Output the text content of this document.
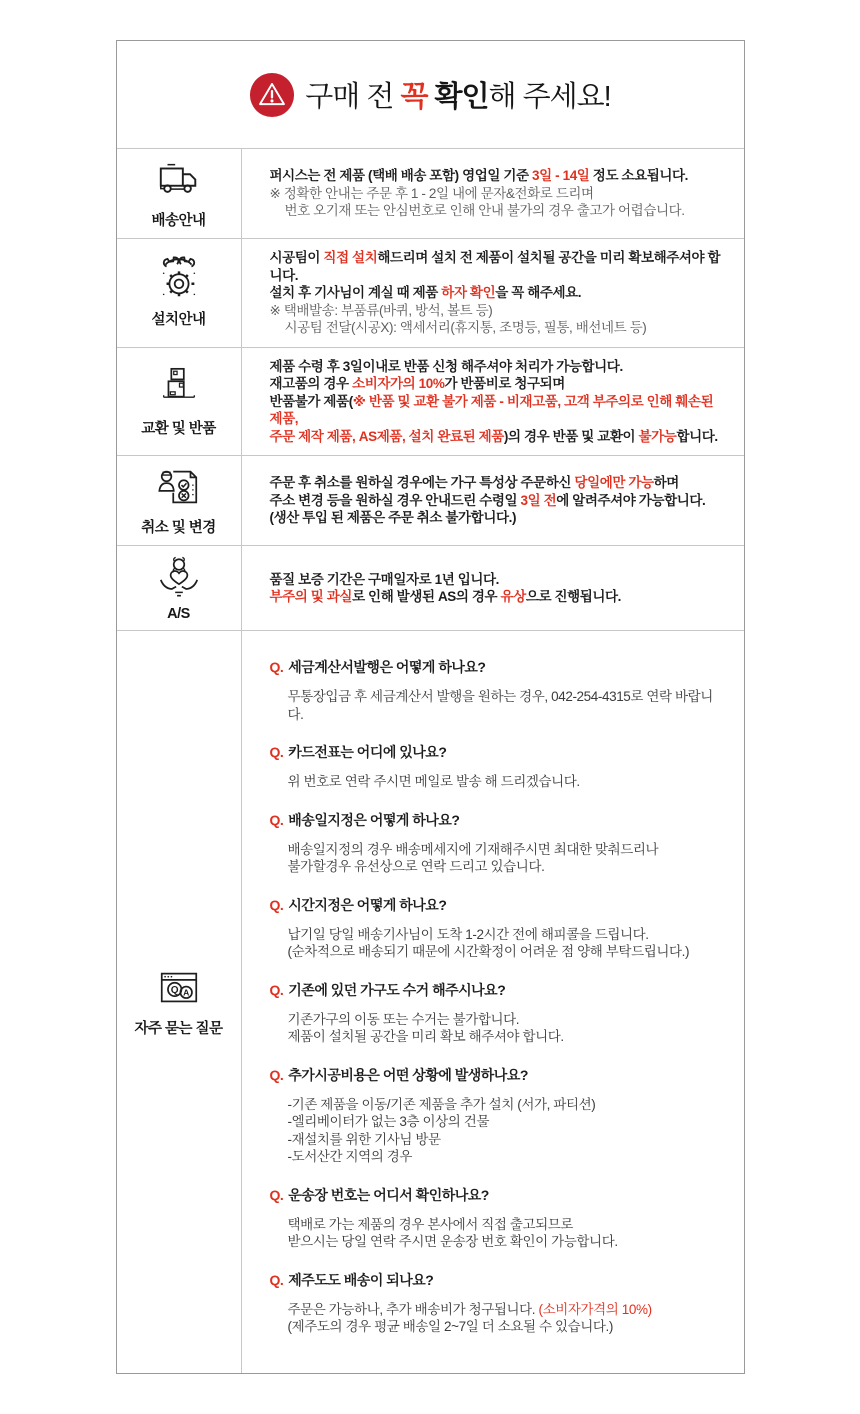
구매 전 꼭 확인해 주세요!
배송안내
퍼시스는 전 제품 (택배 배송 포함) 영업일 기준 3일 - 14일 정도 소요됩니다.
※ 정확한 안내는 주문 후 1 - 2일 내에 문자&전화로 드리며
번호 오기재 또는 안심번호로 인해 안내 불가의 경우 출고가 어렵습니다.
설치안내
시공팀이 직접 설치해드리며 설치 전 제품이 설치될 공간을 미리 확보해주셔야 합니다.
설치 후 기사님이 계실 때 제품 하자 확인을 꼭 해주세요.
※ 택배발송: 부품류(바퀴, 방석, 볼트 등)
시공팀 전달(시공X): 액세서리(휴지통, 조명등, 필통, 배선네트 등)
교환 및 반품
제품 수령 후 3일이내로 반품 신청 해주셔야 처리가 가능합니다.
재고품의 경우 소비자가의 10%가 반품비로 청구되며
반품불가 제품(※ 반품 및 교환 불가 제품 - 비재고품, 고객 부주의로 인해 훼손된 제품,
주문 제작 제품, AS제품, 설치 완료된 제품)의 경우 반품 및 교환이 불가능합니다.
취소 및 변경
주문 후 취소를 원하실 경우에는 가구 특성상 주문하신 당일에만 가능하며
주소 변경 등을 원하실 경우 안내드린 수령일 3일 전에 알려주셔야 가능합니다.
(생산 투입 된 제품은 주문 취소 불가합니다.)
A/S
품질 보증 기간은 구매일자로 1년 입니다.
부주의 및 과실로 인해 발생된 AS의 경우 유상으로 진행됩니다.
Q A
자주 묻는 질문
Q. 세금계산서발행은 어떻게 하나요?
무통장입금 후 세금계산서 발행을 원하는 경우, 042-254-4315로 연락 바랍니다.
Q. 카드전표는 어디에 있나요?
위 번호로 연락 주시면 메일로 발송 해 드리겠습니다.
Q. 배송일지정은 어떻게 하나요?
배송일지정의 경우 배송메세지에 기재해주시면 최대한 맞춰드리나
불가할경우 유선상으로 연락 드리고 있습니다.
Q. 시간지정은 어떻게 하나요?
납기일 당일 배송기사님이 도착 1-2시간 전에 해피콜을 드립니다.
(순차적으로 배송되기 때문에 시간확정이 어려운 점 양해 부탁드립니다.)
Q. 기존에 있던 가구도 수거 해주시나요?
기존가구의 이동 또는 수거는 불가합니다.
제품이 설치될 공간을 미리 확보 해주셔야 합니다.
Q. 추가시공비용은 어떤 상황에 발생하나요?
-기존 제품을 이동/기존 제품을 추가 설치 (서가, 파티션)
-엘리베이터가 없는 3층 이상의 건물
-재설치를 위한 기사님 방문
-도서산간 지역의 경우
Q. 운송장 번호는 어디서 확인하나요?
택배로 가는 제품의 경우 본사에서 직접 출고되므로
받으시는 당일 연락 주시면 운송장 번호 확인이 가능합니다.
Q. 제주도도 배송이 되나요?
주문은 가능하나, 추가 배송비가 청구됩니다. (소비자가격의 10%)
(제주도의 경우 평균 배송일 2~7일 더 소요될 수 있습니다.)
